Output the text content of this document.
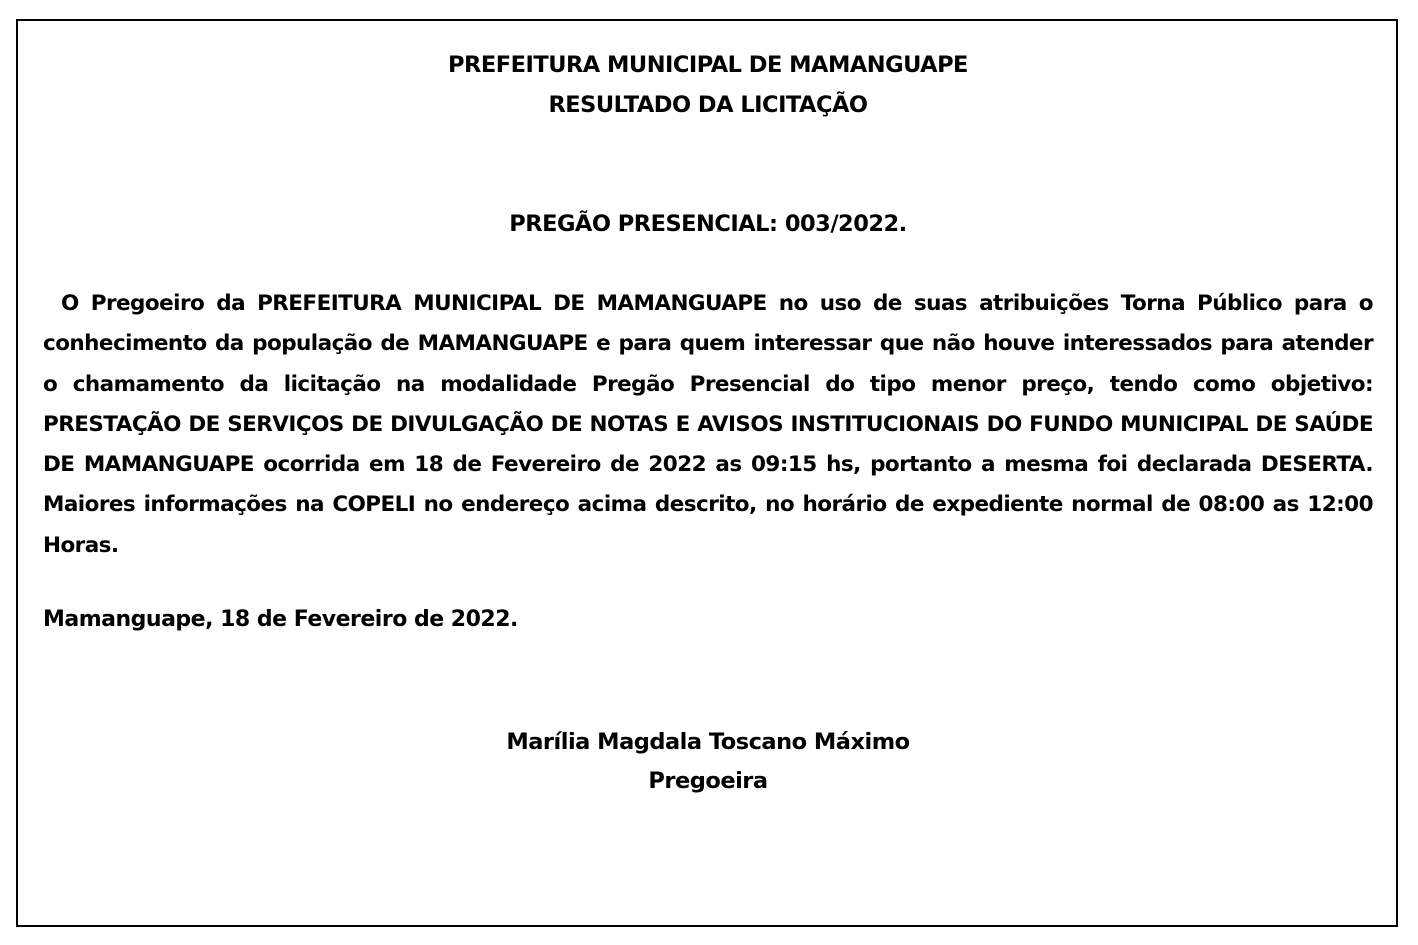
PREFEITURA MUNICIPAL DE MAMANGUAPE
RESULTADO DA LICITAÇÃO
PREGÃO PRESENCIAL: 003/2022.
O Pregoeiro da PREFEITURA MUNICIPAL DE MAMANGUAPE no uso de suas atribuições Torna Público para o conhecimento da população de MAMANGUAPE e para quem interessar que não houve interessados para atender o chamamento da licitação na modalidade Pregão Presencial do tipo menor preço, tendo como objetivo: PRESTAÇÃO DE SERVIÇOS DE DIVULGAÇÃO DE NOTAS E AVISOS INSTITUCIONAIS DO FUNDO MUNICIPAL DE SAÚDE DE MAMANGUAPE ocorrida em 18 de Fevereiro de 2022 as 09:15 hs, portanto a mesma foi declarada DESERTA. Maiores informações na COPELI no endereço acima descrito, no horário de expediente normal de 08:00 as 12:00 Horas.
Mamanguape, 18 de Fevereiro de 2022.
Marília Magdala Toscano Máximo
Pregoeira
